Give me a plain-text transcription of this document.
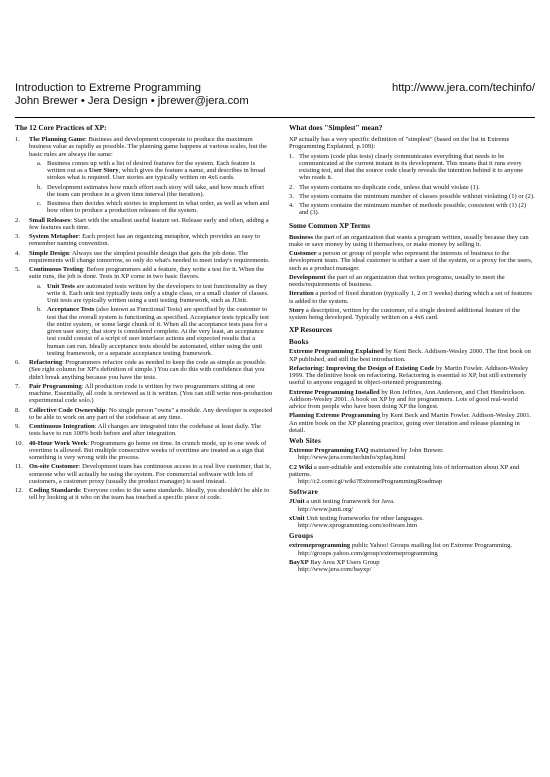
Introduction to Extreme Programming	http://www.jera.com/techinfo/
John Brewer • Jera Design • jbrewer@jera.com
The 12 Core Practices of XP:
1. The Planning Game: Business and development cooperate to produce the maximum business value as rapidly as possible. The planning game happens at various scales, but the basic rules are always the same:
a. Business comes up with a list of desired features for the system. Each feature is written out as a User Story, which gives the feature a name, and describes in broad strokes what is required. User stories are typically written on 4x6 cards.
b. Development estimates how much effort each story will take, and how much effort the team can produce in a given time interval (the iteration).
c. Business then decides which stories to implement in what order, as well as when and how often to produce a production releases of the system.
2. Small Releases: Start with the smallest useful feature set. Release early and often, adding a few features each time.
3. System Metaphor: Each project has an organizing metaphor, which provides an easy to remember naming convention.
4. Simple Design: Always use the simplest possible design that gets the job done. The requirements will change tomorrow, so only do what's needed to meet today's requirements.
5. Continuous Testing: Before programmers add a feature, they write a test for it. When the suite runs, the job is done. Tests in XP come in two basic flavors.
a. Unit Tests are automated tests written by the developers to test functionality as they write it. Each unit test typically tests only a single class, or a small cluster of classes. Unit tests are typically written using a unit testing framework, such as JUnit.
b. Acceptance Tests (also known as Functional Tests) are specified by the customer to test that the overall system is functioning as specified. Acceptance tests typically test the entire system, or some large chunk of it. When all the acceptance tests pass for a given user story, that story is considered complete. At the very least, an acceptance test could consist of a script of user interface actions and expected results that a human can run. Ideally acceptance tests should be automated, either using the unit testing framework, or a separate acceptance testing framework.
6. Refactoring: Programmers refactor code as needed to keep the code as simple as possible. (See right column for XP's definition of simple.) You can do this with confidence that you didn't break anything because you have the tests.
7. Pair Programming: All production code is written by two programmers sitting at one machine. Essentially, all code is reviewed as it is written. (You can still write non-production experimental code solo.)
8. Collective Code Ownership: No single person "owns" a module. Any developer is expected to be able to work on any part of the codebase at any time.
9. Continuous Integration: All changes are integrated into the codebase at least daily. The tests have to run 100% both before and after integration.
10. 40-Hour Work Week: Programmers go home on time. In crunch mode, up to one week of overtime is allowed. But multiple consecutive weeks of overtime are treated as a sign that something is very wrong with the process.
11. On-site Customer: Development team has continuous access to a real live customer, that is, someone who will actually be using the system. For commercial software with lots of customers, a customer proxy (usually the product manager) is used instead.
12. Coding Standards: Everyone codes to the same standards. Ideally, you shouldn't be able to tell by looking at it who on the team has touched a specific piece of code.
What does "Simplest" mean?

XP actually has a very specific definition of "simplest" (based on the list in Extreme Programming Explained, p.109):

1. The system (code plus tests) clearly communicates everything that needs to be communicated at the current instant in its development. This means that it runs every existing test, and that the source code clearly reveals the intention behind it to anyone who reads it.
2. The system contains no duplicate code, unless that would violate (1).
3. The system contains the minimum number of classes possible without violating (1) or (2).
4. The system contains the minimum number of methods possible, consistent with (1) (2) and (3).
Some Common XP Terms
Business the part of an organization that wants a program written, usually because they can make or save money by using it themselves, or make money by selling it.
Customer a person or group of people who represent the interests of business to the development team. The ideal customer is either a user of the system, or a proxy for the users, such as a product manager.
Development the part of an organization that writes programs, usually to meet the needs/requirements of business.
Iteration a period of fixed duration (typically 1, 2 or 3 weeks) during which a set of features is added to the system.
Story a description, written by the customer, of a single desired additional feature of the system being developed. Typically written on a 4x6 card.
XP Resources
Books
Extreme Programming Explained by Kent Beck. Addison-Wesley 2000. The first book on XP published, and still the best introduction.
Refactoring: Improving the Design of Existing Code by Martin Fowler. Addison-Wesley 1999. The definitive book on refactoring. Refactoring is essential to XP, but still extremely useful to anyone engaged in object-oriented programming.
Extreme Programming Installed by Ron Jeffries, Ann Anderson, and Chet Hendrickson. Addison-Wesley 2001. A book on XP by and for programmers. Lots of good real-world advice from people who have been doing XP the longest.
Planning Extreme Programming by Kent Beck and Martin Fowler. Addison-Wesley 2001. An entire book on the XP planning practice, going over iteration and release planning in detail.
Web Sites
Extreme Programming FAQ maintained by John Brewer.
http://www.jera.com/techinfo/xpfaq.html
C2 Wiki a user-editable and extensible site containing lots of information about XP and patterns.
http://c2.com/cgi/wiki?ExtremeProgrammingRoadmap
Software
JUnit a unit testing framework for Java.
http://www.junit.org/
xUnit Unit testing frameworks for other languages.
http://www.xprogramming.com/software.htm
Groups
extremeprogramming public Yahoo! Groups mailing list on Extreme Programming.
http://groups.yahoo.com/group/extremeprogramming
BayXP Bay Area XP Users Group
http://www.jera.com/bayxp/
